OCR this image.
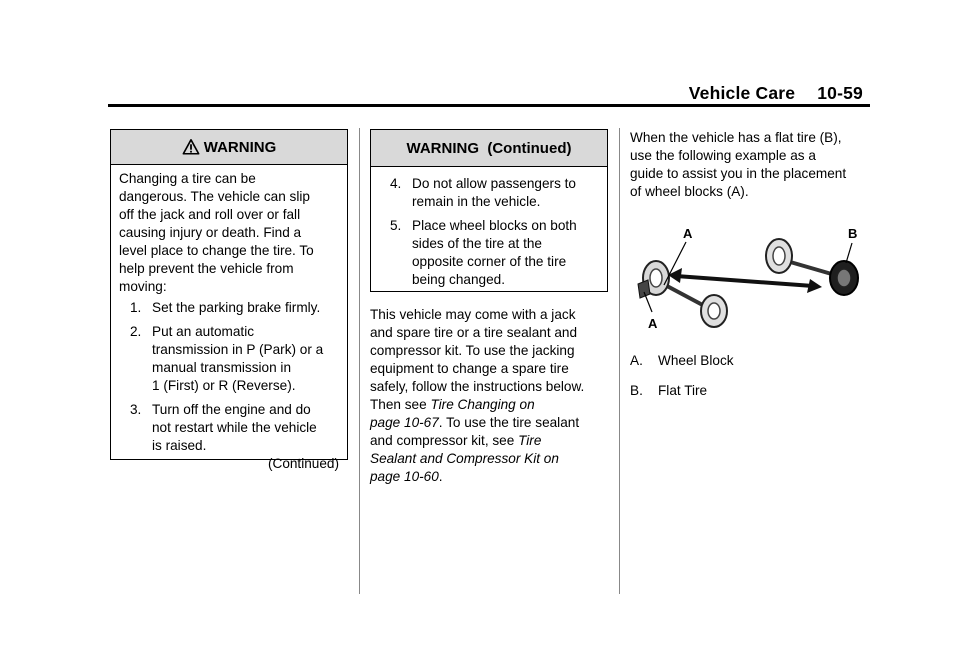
Vehicle Care 10-59
WARNING
Changing a tire can be
dangerous. The vehicle can slip
off the jack and roll over or fall
causing injury or death. Find a
level place to change the tire. To
help prevent the vehicle from
moving:
1. Set the parking brake firmly.
2. Put an automatic
transmission in P (Park) or a
manual transmission in
1 (First) or R (Reverse).
3. Turn off the engine and do
not restart while the vehicle
is raised.
(Continued)
WARNING  (Continued)
4. Do not allow passengers to
remain in the vehicle.
5. Place wheel blocks on both
sides of the tire at the
opposite corner of the tire
being changed.
This vehicle may come with a jack
and spare tire or a tire sealant and
compressor kit. To use the jacking
equipment to change a spare tire
safely, follow the instructions below.
Then see Tire Changing on
page 10-67. To use the tire sealant
and compressor kit, see Tire
Sealant and Compressor Kit on
page 10-60.
When the vehicle has a flat tire (B),
use the following example as a
guide to assist you in the placement
of wheel blocks (A).
A
A
B
A. Wheel Block
B. Flat Tire
